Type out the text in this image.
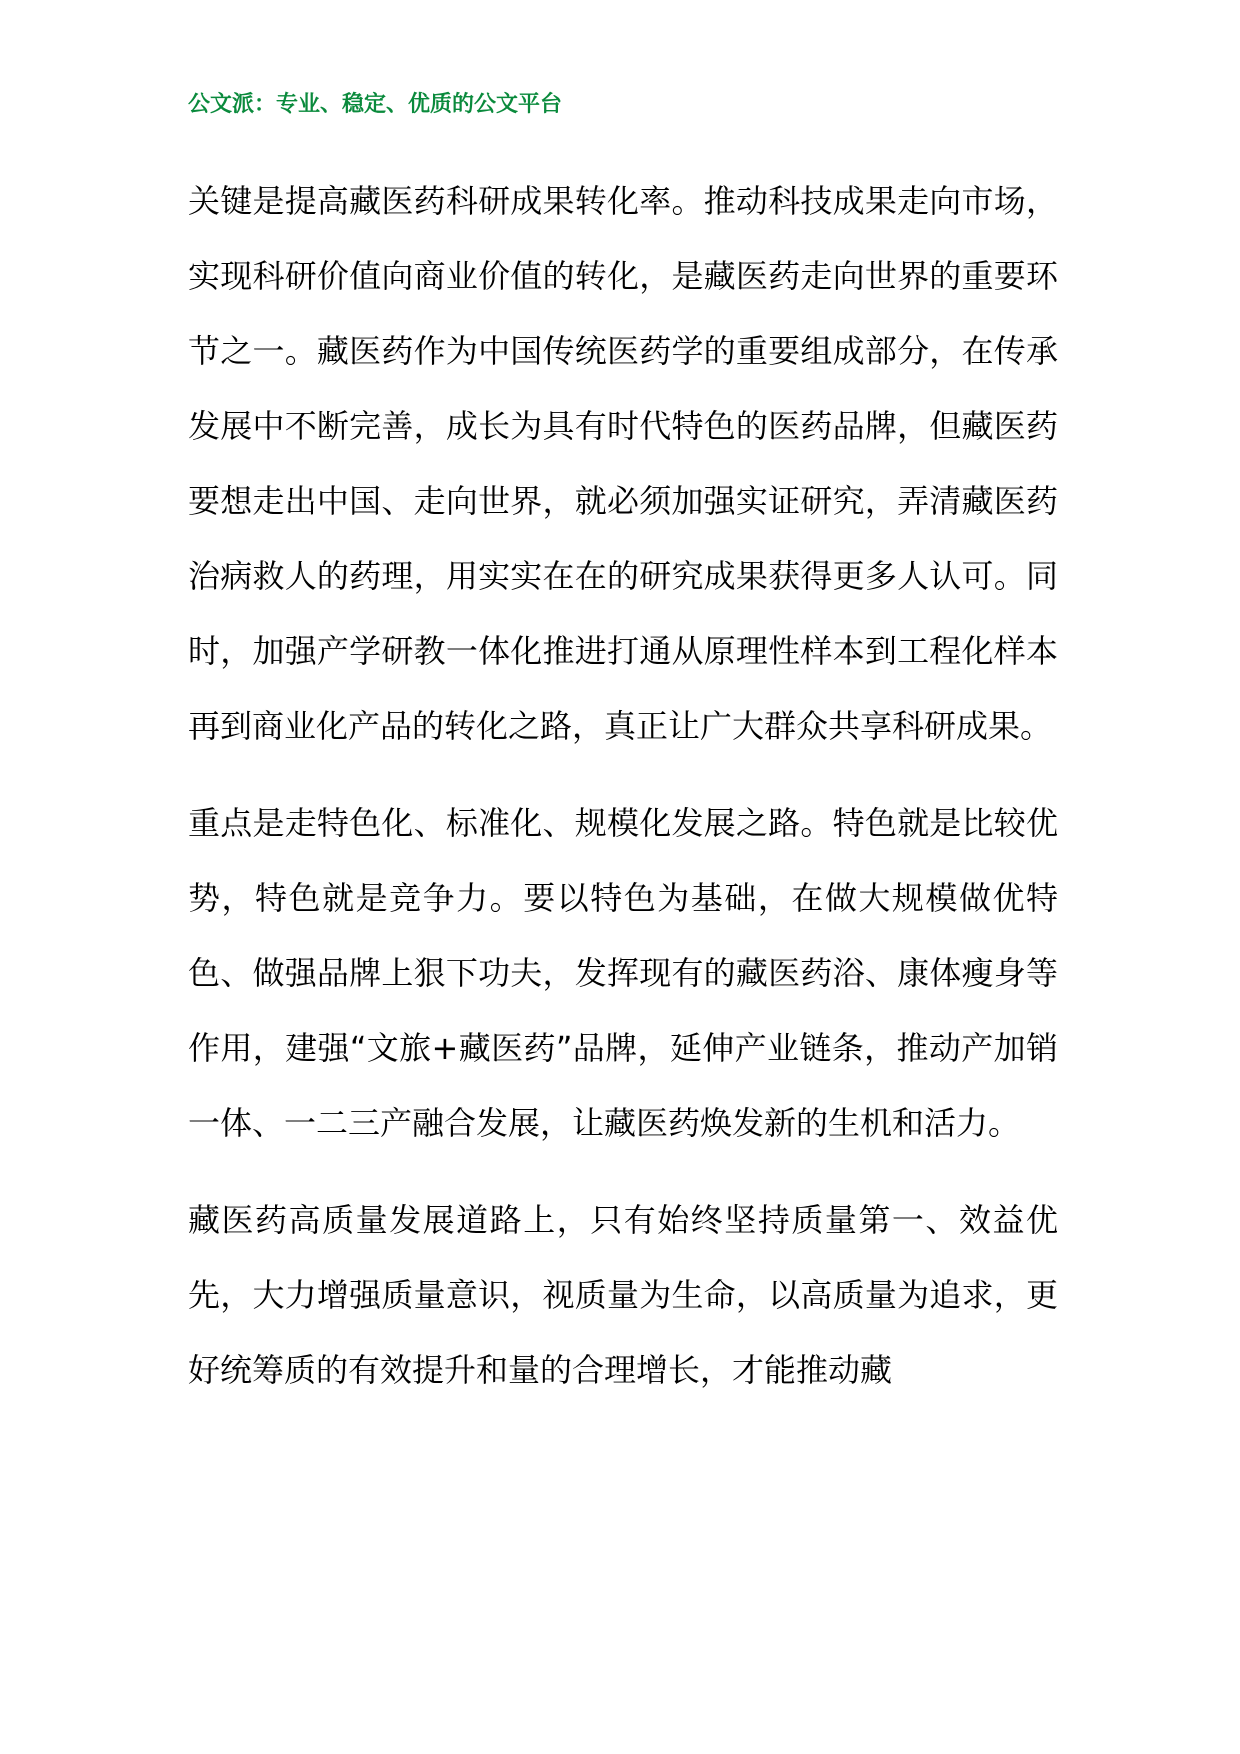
公文派：专业、稳定、优质的公文平台

关键是提高藏医药科研成果转化率。推动科技成果走向市场，实现科研价值向商业价值的转化，是藏医药走向世界的重要环节之一。藏医药作为中国传统医药学的重要组成部分，在传承发展中不断完善，成长为具有时代特色的医药品牌，但藏医药要想走出中国、走向世界，就必须加强实证研究，弄清藏医药治病救人的药理，用实实在在的研究成果获得更多人认可。同时，加强产学研教一体化推进打通从原理性样本到工程化样本再到商业化产品的转化之路，真正让广大群众共享科研成果。

重点是走特色化、标准化、规模化发展之路。特色就是比较优势，特色就是竞争力。要以特色为基础，在做大规模做优特色、做强品牌上狠下功夫，发挥现有的藏医药浴、康体瘦身等作用，建强“文旅+藏医药”品牌，延伸产业链条，推动产加销一体、一二三产融合发展，让藏医药焕发新的生机和活力。

藏医药高质量发展道路上，只有始终坚持质量第一、效益优先，大力增强质量意识，视质量为生命，以高质量为追求，更好统筹质的有效提升和量的合理增长，才能推动藏
